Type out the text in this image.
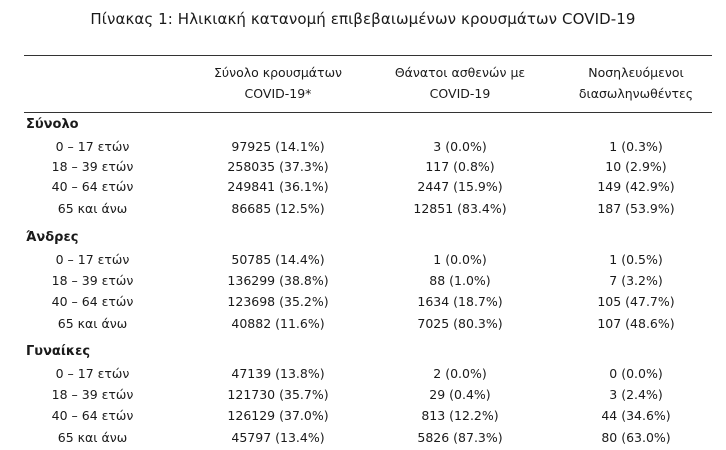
Πίνακας 1: Ηλικιακή κατανομή επιβεβαιωμένων κρουσμάτων COVID-19
Σύνολο κρουσμάτων
COVID-19*
Θάνατοι ασθενών με
COVID-19
Νοσηλευόμενοι
διασωληνωθέντες
Σύνολο
0 – 17 ετών	97925 (14.1%)	3 (0.0%)	1 (0.3%)
18 – 39 ετών	258035 (37.3%)	117 (0.8%)	10 (2.9%)
40 – 64 ετών	249841 (36.1%)	2447 (15.9%)	149 (42.9%)
65 και άνω	86685 (12.5%)	12851 (83.4%)	187 (53.9%)
Άνδρες
0 – 17 ετών	50785 (14.4%)	1 (0.0%)	1 (0.5%)
18 – 39 ετών	136299 (38.8%)	88 (1.0%)	7 (3.2%)
40 – 64 ετών	123698 (35.2%)	1634 (18.7%)	105 (47.7%)
65 και άνω	40882 (11.6%)	7025 (80.3%)	107 (48.6%)
Γυναίκες
0 – 17 ετών	47139 (13.8%)	2 (0.0%)	0 (0.0%)
18 – 39 ετών	121730 (35.7%)	29 (0.4%)	3 (2.4%)
40 – 64 ετών	126129 (37.0%)	813 (12.2%)	44 (34.6%)
65 και άνω	45797 (13.4%)	5826 (87.3%)	80 (63.0%)
